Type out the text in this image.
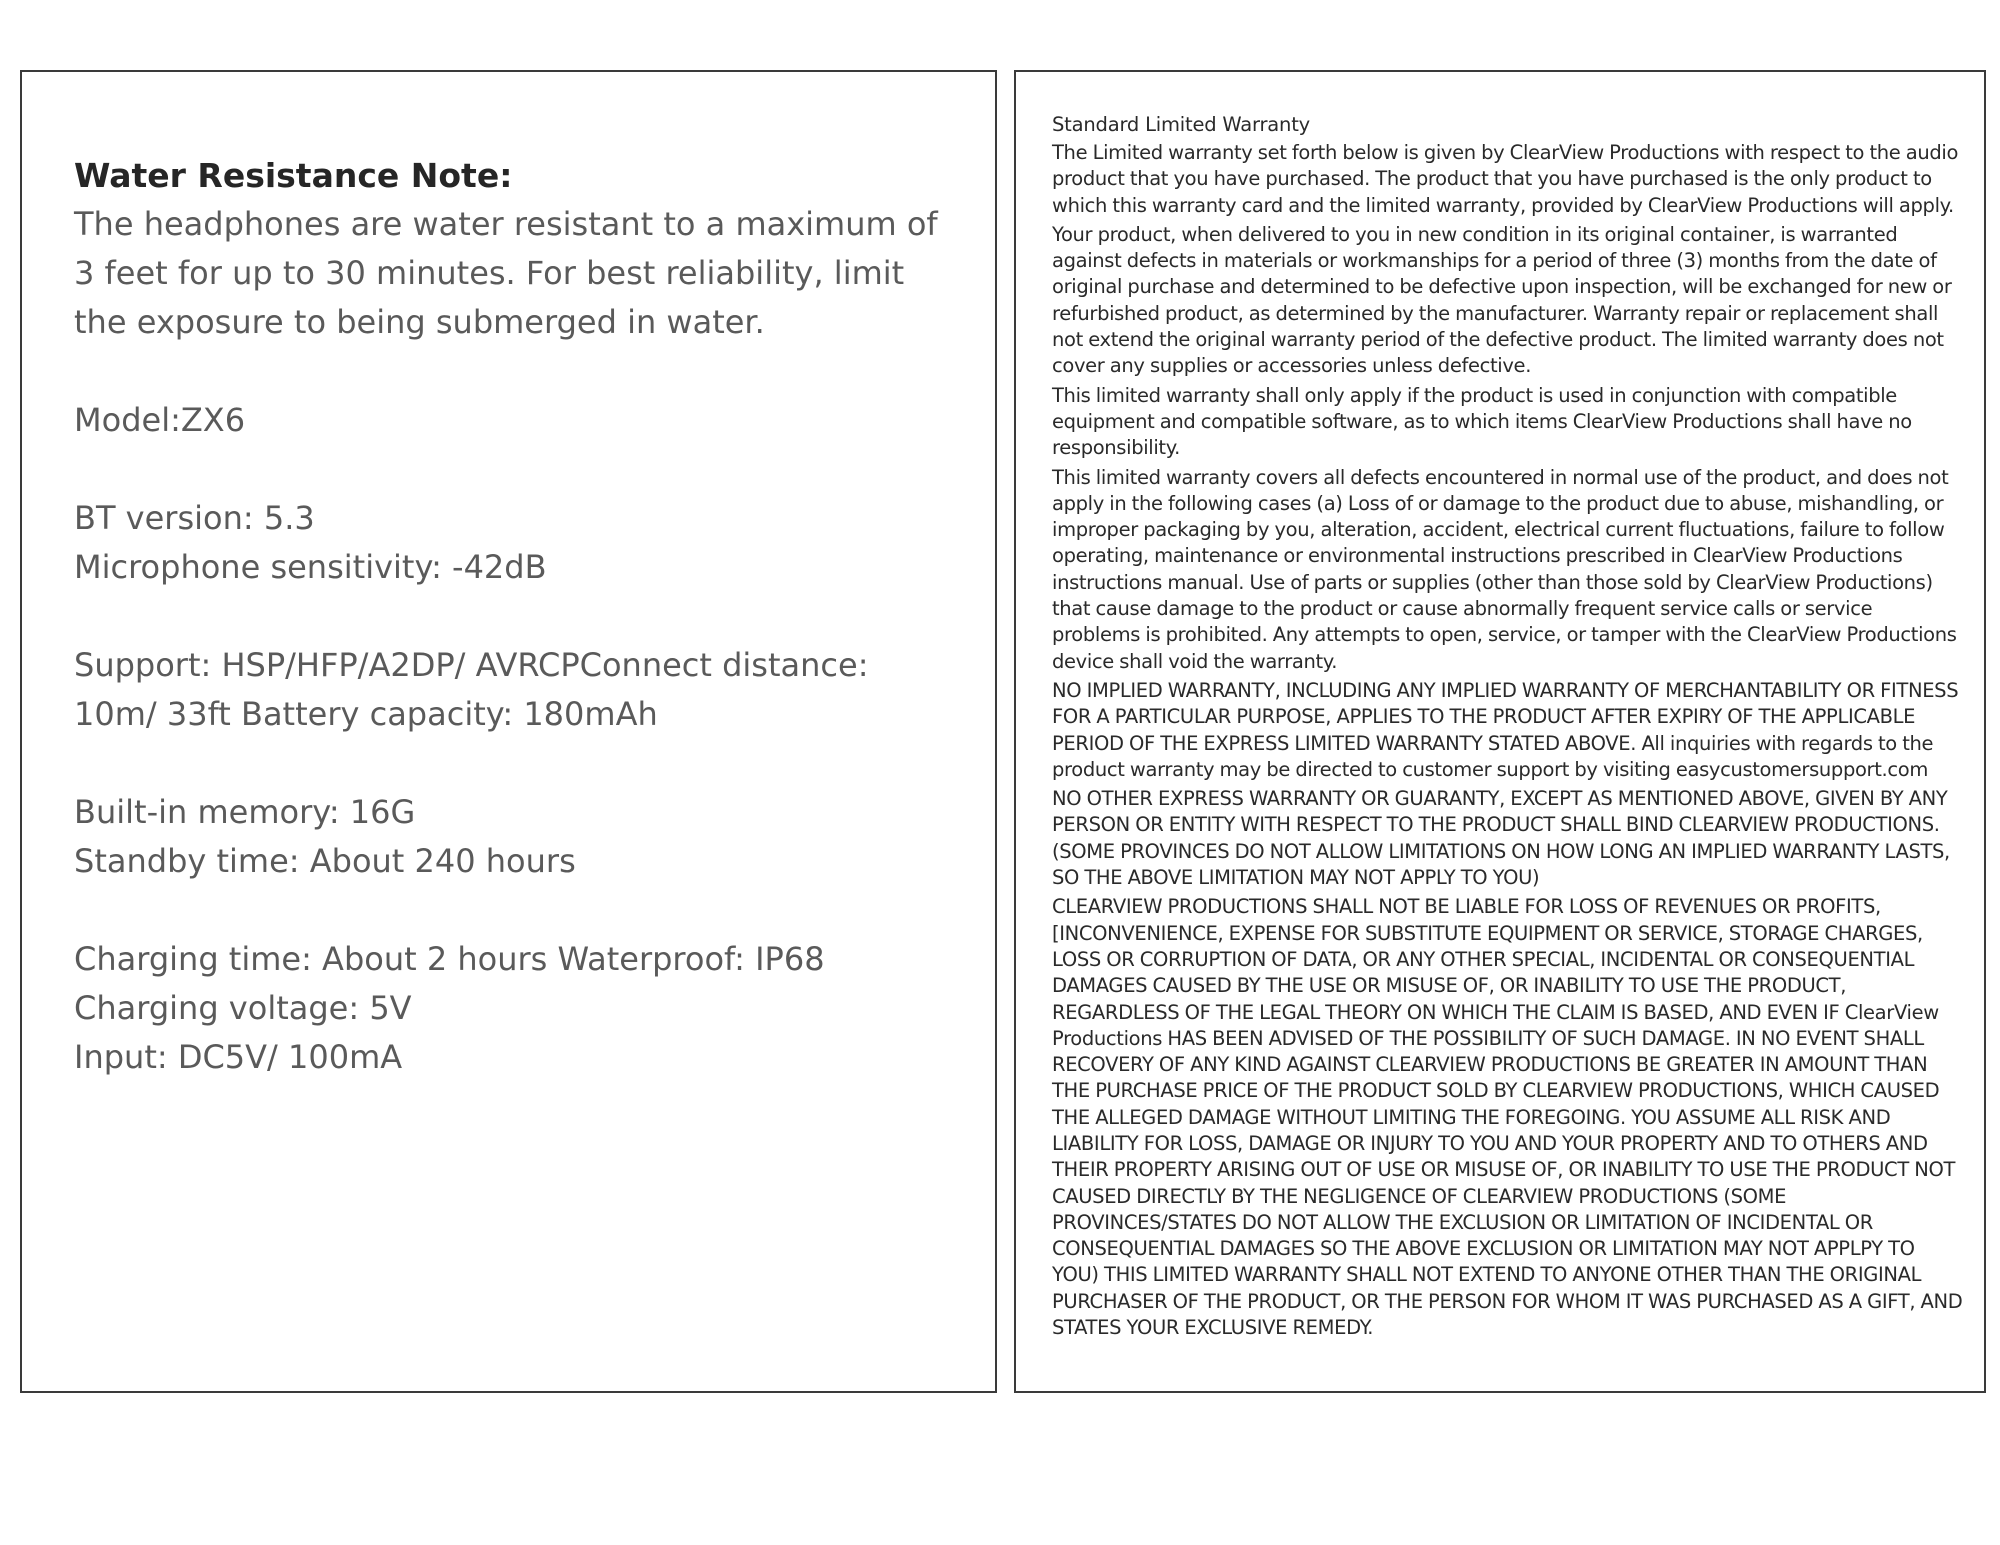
Water Resistance Note:

The headphones are water resistant to a maximum of 3 feet for up to 30 minutes. For best reliability, limit the exposure to being submerged in water.

Model:ZX6
BT version: 5.3
Microphone sensitivity: -42dB
Support: HSP/HFP/A2DP/ AVRCPConnect distance: 10m/ 33ft Battery capacity: 180mAh
Built-in memory: 16G
Standby time: About 240 hours
Charging time: About 2 hours Waterproof: IP68
Charging voltage: 5V
Input: DC5V/ 100mA

Standard Limited Warranty

The Limited warranty set forth below is given by ClearView Productions with respect to the audio product that you have purchased. The product that you have purchased is the only product to which this warranty card and the limited warranty, provided by ClearView Productions will apply.

Your product, when delivered to you in new condition in its original container, is warranted against defects in materials or workmanships for a period of three (3) months from the date of original purchase and determined to be defective upon inspection, will be exchanged for new or refurbished product, as determined by the manufacturer. Warranty repair or replacement shall not extend the original warranty period of the defective product. The limited warranty does not cover any supplies or accessories unless defective.

This limited warranty shall only apply if the product is used in conjunction with compatible equipment and compatible software, as to which items ClearView Productions shall have no responsibility.

This limited warranty covers all defects encountered in normal use of the product, and does not apply in the following cases (a) Loss of or damage to the product due to abuse, mishandling, or improper packaging by you, alteration, accident, electrical current fluctuations, failure to follow operating, maintenance or environmental instructions prescribed in ClearView Productions instructions manual. Use of parts or supplies (other than those sold by ClearView Productions) that cause damage to the product or cause abnormally frequent service calls or service problems is prohibited. Any attempts to open, service, or tamper with the ClearView Productions device shall void the warranty.

NO IMPLIED WARRANTY, INCLUDING ANY IMPLIED WARRANTY OF MERCHANTABILITY OR FITNESS FOR A PARTICULAR PURPOSE, APPLIES TO THE PRODUCT AFTER EXPIRY OF THE APPLICABLE PERIOD OF THE EXPRESS LIMITED WARRANTY STATED ABOVE. All inquiries with regards to the product warranty may be directed to customer support by visiting easycustomersupport.com

NO OTHER EXPRESS WARRANTY OR GUARANTY, EXCEPT AS MENTIONED ABOVE, GIVEN BY ANY PERSON OR ENTITY WITH RESPECT TO THE PRODUCT SHALL BIND CLEARVIEW PRODUCTIONS. (SOME PROVINCES DO NOT ALLOW LIMITATIONS ON HOW LONG AN IMPLIED WARRANTY LASTS, SO THE ABOVE LIMITATION MAY NOT APPLY TO YOU)

CLEARVIEW PRODUCTIONS SHALL NOT BE LIABLE FOR LOSS OF REVENUES OR PROFITS, [INCONVENIENCE, EXPENSE FOR SUBSTITUTE EQUIPMENT OR SERVICE, STORAGE CHARGES, LOSS OR CORRUPTION OF DATA, OR ANY OTHER SPECIAL, INCIDENTAL OR CONSEQUENTIAL DAMAGES CAUSED BY THE USE OR MISUSE OF, OR INABILITY TO USE THE PRODUCT, REGARDLESS OF THE LEGAL THEORY ON WHICH THE CLAIM IS BASED, AND EVEN IF ClearView Productions HAS BEEN ADVISED OF THE POSSIBILITY OF SUCH DAMAGE. IN NO EVENT SHALL RECOVERY OF ANY KIND AGAINST CLEARVIEW PRODUCTIONS BE GREATER IN AMOUNT THAN THE PURCHASE PRICE OF THE PRODUCT SOLD BY CLEARVIEW PRODUCTIONS, WHICH CAUSED THE ALLEGED DAMAGE WITHOUT LIMITING THE FOREGOING. YOU ASSUME ALL RISK AND LIABILITY FOR LOSS, DAMAGE OR INJURY TO YOU AND YOUR PROPERTY AND TO OTHERS AND THEIR PROPERTY ARISING OUT OF USE OR MISUSE OF, OR INABILITY TO USE THE PRODUCT NOT CAUSED DIRECTLY BY THE NEGLIGENCE OF CLEARVIEW PRODUCTIONS (SOME PROVINCES/STATES DO NOT ALLOW THE EXCLUSION OR LIMITATION OF INCIDENTAL OR CONSEQUENTIAL DAMAGES SO THE ABOVE EXCLUSION OR LIMITATION MAY NOT APPLPY TO YOU) THIS LIMITED WARRANTY SHALL NOT EXTEND TO ANYONE OTHER THAN THE ORIGINAL PURCHASER OF THE PRODUCT, OR THE PERSON FOR WHOM IT WAS PURCHASED AS A GIFT, AND STATES YOUR EXCLUSIVE REMEDY.
